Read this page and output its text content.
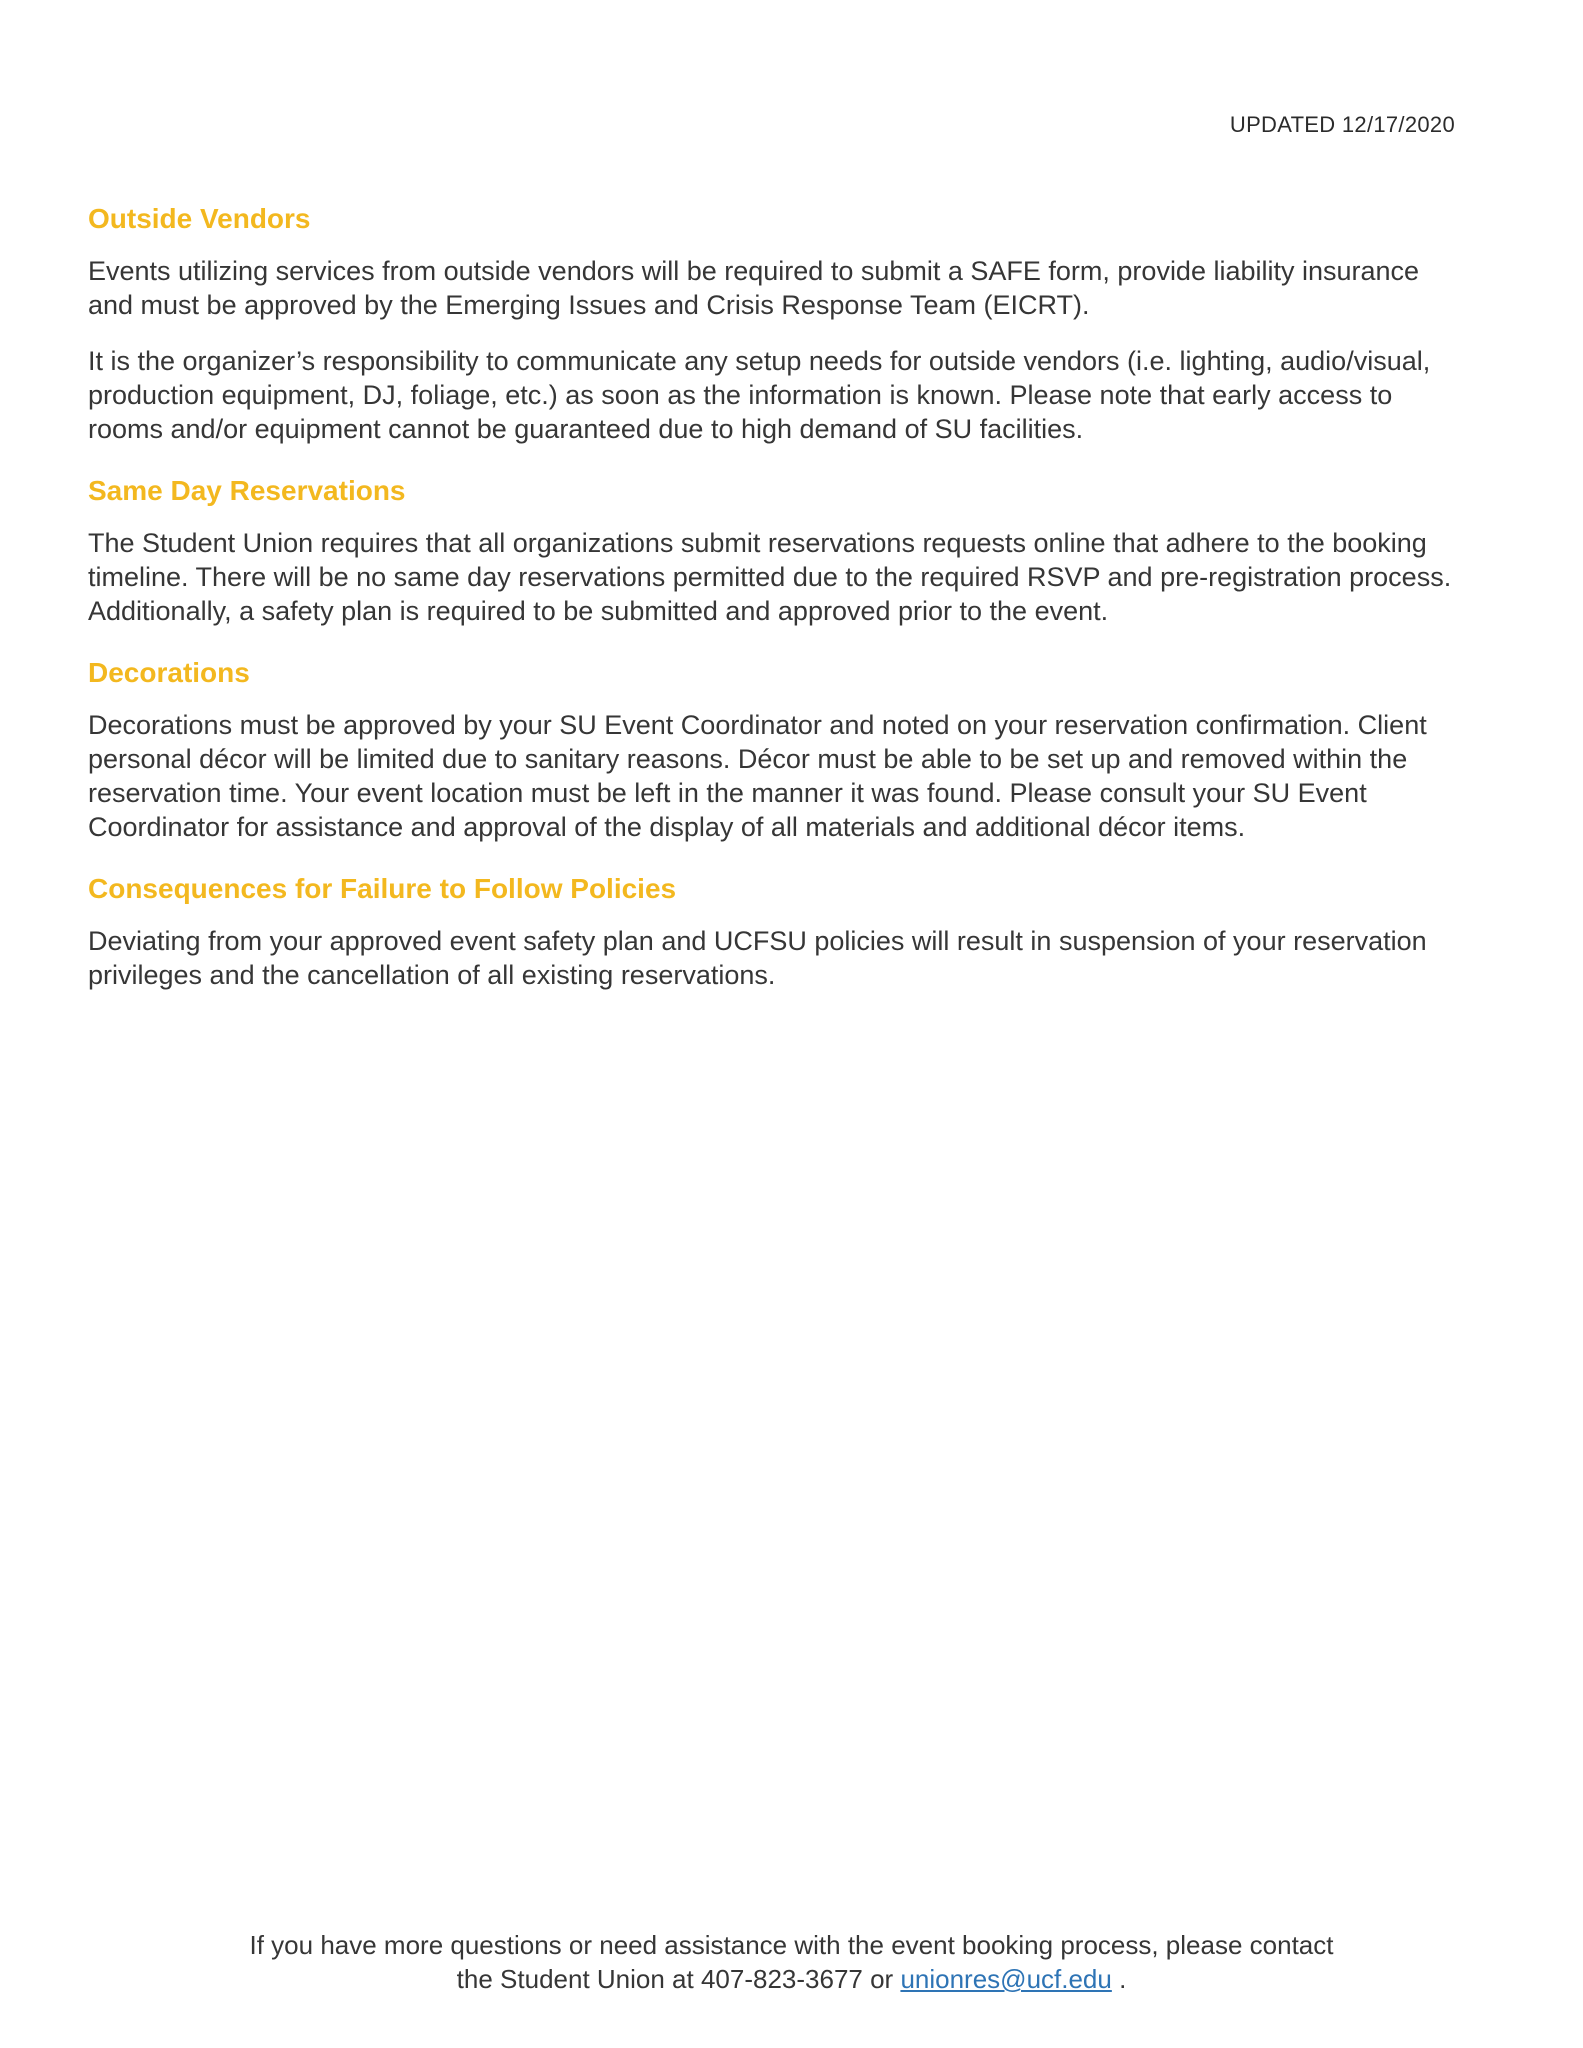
UPDATED 12/17/2020
Outside Vendors

Events utilizing services from outside vendors will be required to submit a SAFE form, provide liability insurance and must be approved by the Emerging Issues and Crisis Response Team (EICRT).

It is the organizer’s responsibility to communicate any setup needs for outside vendors (i.e. lighting, audio/visual, production equipment, DJ, foliage, etc.) as soon as the information is known. Please note that early access to rooms and/or equipment cannot be guaranteed due to high demand of SU facilities.

Same Day Reservations

The Student Union requires that all organizations submit reservations requests online that adhere to the booking timeline. There will be no same day reservations permitted due to the required RSVP and pre-registration process. Additionally, a safety plan is required to be submitted and approved prior to the event.

Decorations

Decorations must be approved by your SU Event Coordinator and noted on your reservation confirmation. Client personal décor will be limited due to sanitary reasons. Décor must be able to be set up and removed within the reservation time. Your event location must be left in the manner it was found. Please consult your SU Event Coordinator for assistance and approval of the display of all materials and additional décor items.

Consequences for Failure to Follow Policies

Deviating from your approved event safety plan and UCFSU policies will result in suspension of your reservation privileges and the cancellation of all existing reservations.

If you have more questions or need assistance with the event booking process, please contact
the Student Union at 407-823-3677 or unionres@ucf.edu .
